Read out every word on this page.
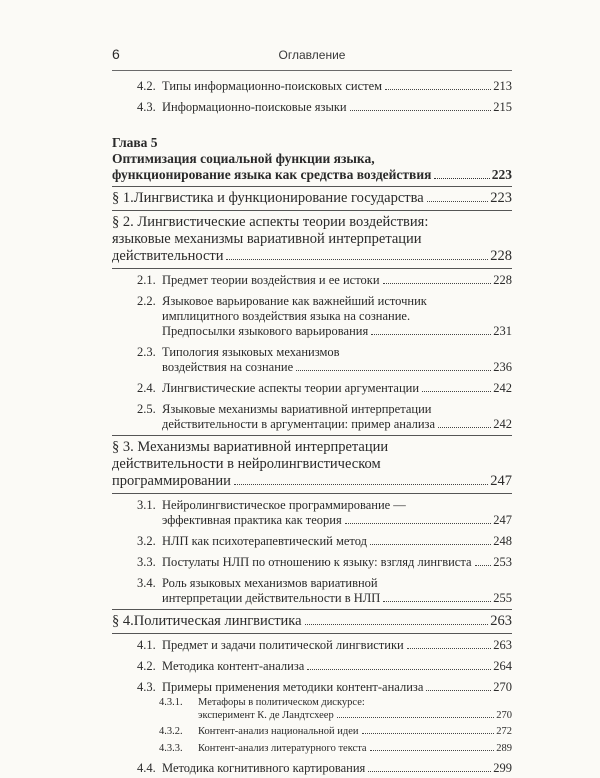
6	Оглавление
4.2. Типы информационно-поисковых систем	213
4.3. Информационно-поисковые языки	215
Глава 5
Оптимизация социальной функции языка,
функционирование языка как средства воздействия	223
§ 1. Лингвистика и функционирование государства	223
§ 2. Лингвистические аспекты теории воздействия:
языковые механизмы вариативной интерпретации
действительности	228
2.1. Предмет теории воздействия и ее истоки	228
2.2. Языковое варьирование как важнейший источник
имплицитного воздействия языка на сознание.
Предпосылки языкового варьирования	231
2.3. Типология языковых механизмов
воздействия на сознание	236
2.4. Лингвистические аспекты теории аргументации	242
2.5. Языковые механизмы вариативной интерпретации
действительности в аргументации: пример анализа	242
§ 3. Механизмы вариативной интерпретации
действительности в нейролингвистическом
программировании	247
3.1. Нейролингвистическое программирование —
эффективная практика как теория	247
3.2. НЛП как психотерапевтический метод	248
3.3. Постулаты НЛП по отношению к языку: взгляд лингвиста 253
3.4. Роль языковых механизмов вариативной
интерпретации действительности в НЛП	255
§ 4. Политическая лингвистика	263
4.1. Предмет и задачи политической лингвистики	263
4.2. Методика контент-анализа	264
4.3. Примеры применения методики контент-анализа	270
4.3.1. Метафоры в политическом дискурсе:
эксперимент К. де Ландтсхеер	270
4.3.2. Контент-анализ национальной идеи	272
4.3.3. Контент-анализ литературного текста	289
4.4. Методика когнитивного картирования	299
